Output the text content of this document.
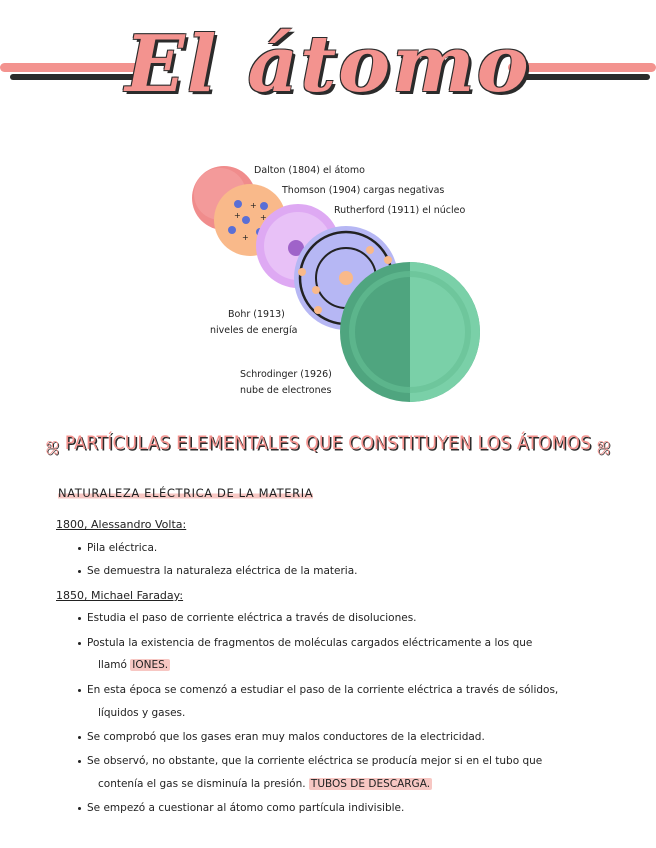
El átomo
+
+ +
+
Dalton (1804) el átomo
Thomson (1904) cargas negativas
Rutherford (1911) el núcleo
Bohr (1913)
niveles de energía
Schrodinger (1926)
nube de electrones
ஜ PARTÍCULAS ELEMENTALES QUE CONSTITUYEN LOS ÁTOMOS ஜ
NATURALEZA ELÉCTRICA DE LA MATERIA
1800, Alessandro Volta:
Pila eléctrica.
Se demuestra la naturaleza eléctrica de la materia.
1850, Michael Faraday:
Estudia el paso de corriente eléctrica a través de disoluciones.
Postula la existencia de fragmentos de moléculas cargados eléctricamente a los que
llamó IONES.
En esta época se comenzó a estudiar el paso de la corriente eléctrica a través de sólidos,
líquidos y gases.
Se comprobó que los gases eran muy malos conductores de la electricidad.
Se observó, no obstante, que la corriente eléctrica se producía mejor si en el tubo que
contenía el gas se disminuía la presión. TUBOS DE DESCARGA.
Se empezó a cuestionar al átomo como partícula indivisible.
